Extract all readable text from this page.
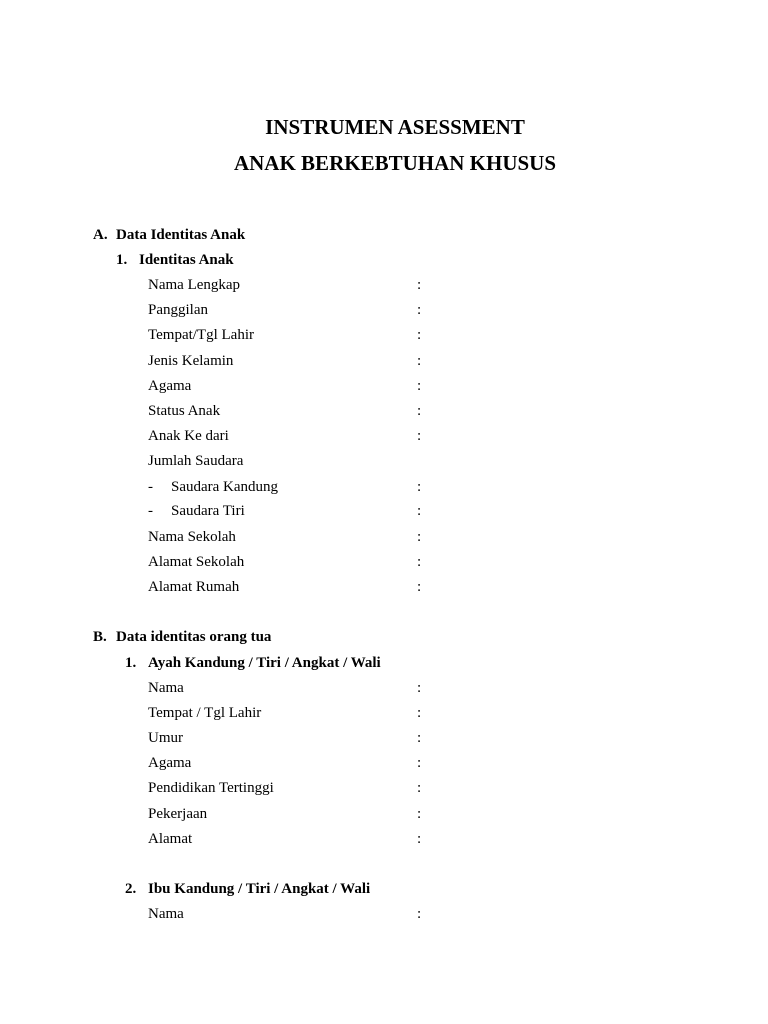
INSTRUMEN ASESSMENT
ANAK BERKEBTUHAN KHUSUS
A. Data Identitas Anak
1. Identitas Anak
Nama Lengkap	:
Panggilan	:
Tempat/Tgl Lahir	:
Jenis Kelamin	:
Agama	:
Status Anak	:
Anak Ke dari	:
Jumlah Saudara
- Saudara Kandung	:
- Saudara Tiri	:
Nama Sekolah	:
Alamat Sekolah	:
Alamat Rumah	:
B. Data identitas orang tua
1. Ayah Kandung / Tiri / Angkat / Wali
Nama	:
Tempat / Tgl Lahir	:
Umur	:
Agama	:
Pendidikan Tertinggi	:
Pekerjaan	:
Alamat	:
2. Ibu Kandung / Tiri / Angkat / Wali
Nama	:
